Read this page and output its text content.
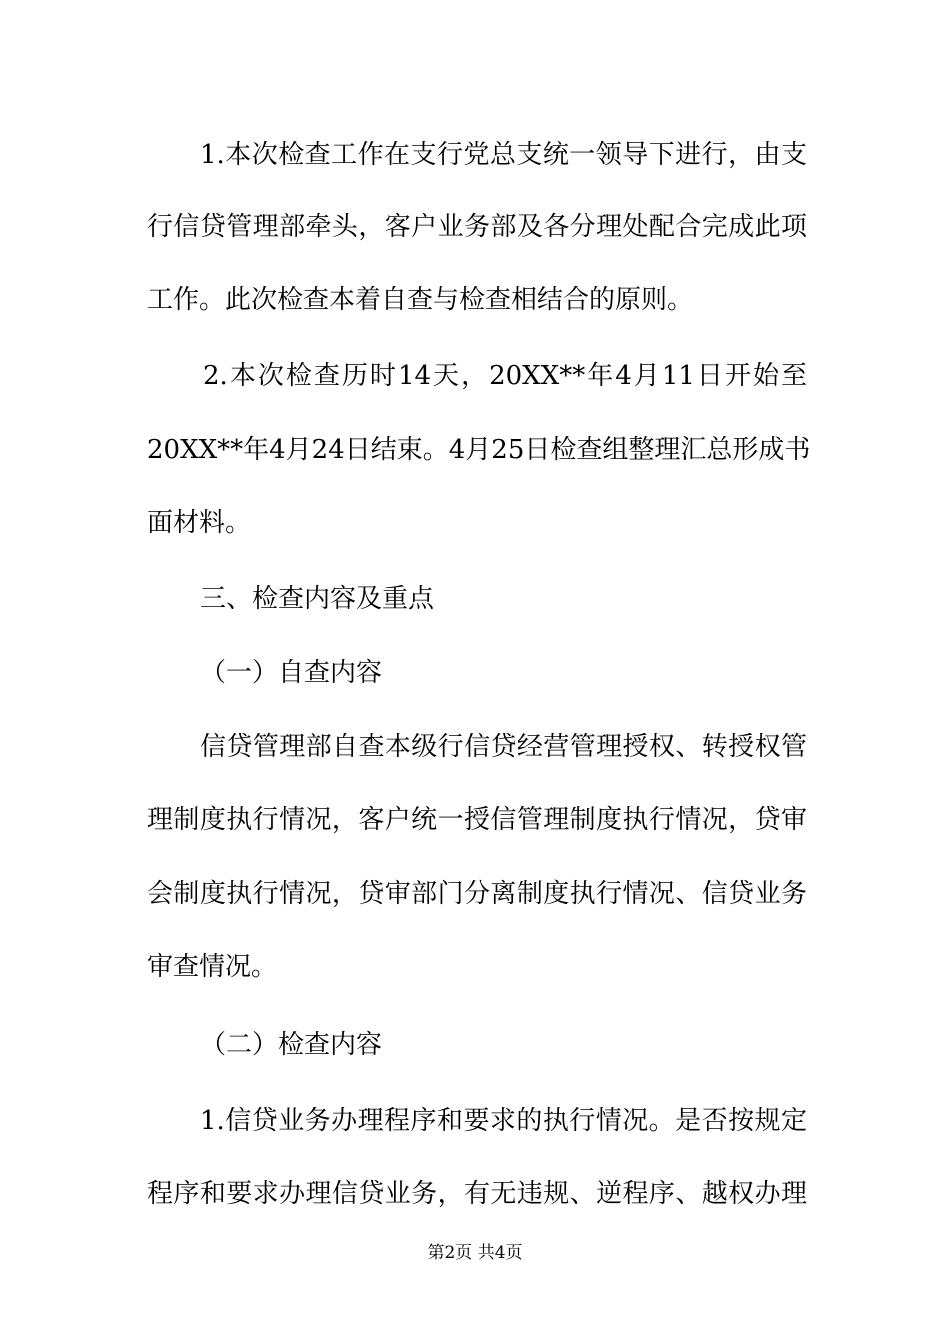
1.本次检查工作在支行党总支统一领导下进行，由支
行信贷管理部牵头，客户业务部及各分理处配合完成此项
工作。此次检查本着自查与检查相结合的原则。
2.本次检查历时14天，20XX**年4月11日开始至
20XX**年4月24日结束。4月25日检查组整理汇总形成书
面材料。
三、检查内容及重点
（一）自查内容
信贷管理部自查本级行信贷经营管理授权、转授权管
理制度执行情况，客户统一授信管理制度执行情况，贷审
会制度执行情况，贷审部门分离制度执行情况、信贷业务
审查情况。
（二）检查内容
1.信贷业务办理程序和要求的执行情况。是否按规定
程序和要求办理信贷业务，有无违规、逆程序、越权办理
第2页 共4页
